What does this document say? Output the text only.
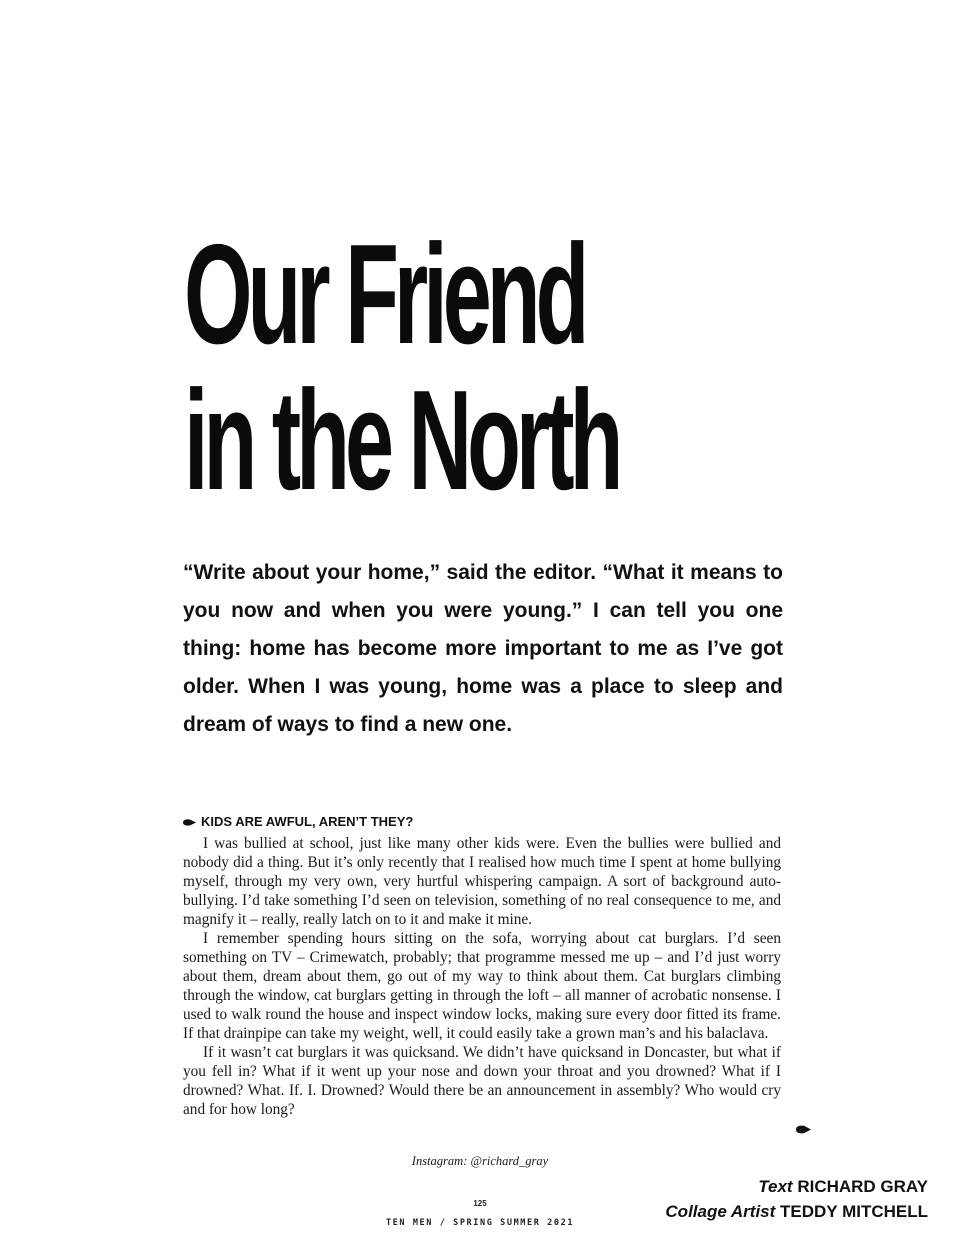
Our Friend
in the North

“Write about your home,” said the editor. “What it means to you now and when you were young.” I can tell you one thing: home has become more important to me as I’ve got older. When I was young, home was a place to sleep and dream of ways to find a new one.

KIDS ARE AWFUL, AREN’T THEY?

I was bullied at school, just like many other kids were. Even the bullies were bullied and nobody did a thing. But it’s only recently that I realised how much time I spent at home bullying myself, through my very own, very hurtful whispering campaign. A sort of background auto-bullying. I’d take something I’d seen on television, something of no real consequence to me, and magnify it – really, really latch on to it and make it mine.

I remember spending hours sitting on the sofa, worrying about cat burglars. I’d seen something on TV – Crimewatch, probably; that programme messed me up – and I’d just worry about them, dream about them, go out of my way to think about them. Cat burglars climbing through the window, cat burglars getting in through the loft – all manner of acrobatic nonsense. I used to walk round the house and inspect window locks, making sure every door fitted its frame. If that drainpipe can take my weight, well, it could easily take a grown man’s and his balaclava.

If it wasn’t cat burglars it was quicksand. We didn’t have quicksand in Doncaster, but what if you fell in? What if it went up your nose and down your throat and you drowned? What if I drowned? What. If. I. Drowned? Would there be an announcement in assembly? Who would cry and for how long?

Instagram: @richard_gray
125
TEN MEN / SPRING SUMMER 2021
Text RICHARD GRAY
Collage Artist TEDDY MITCHELL
